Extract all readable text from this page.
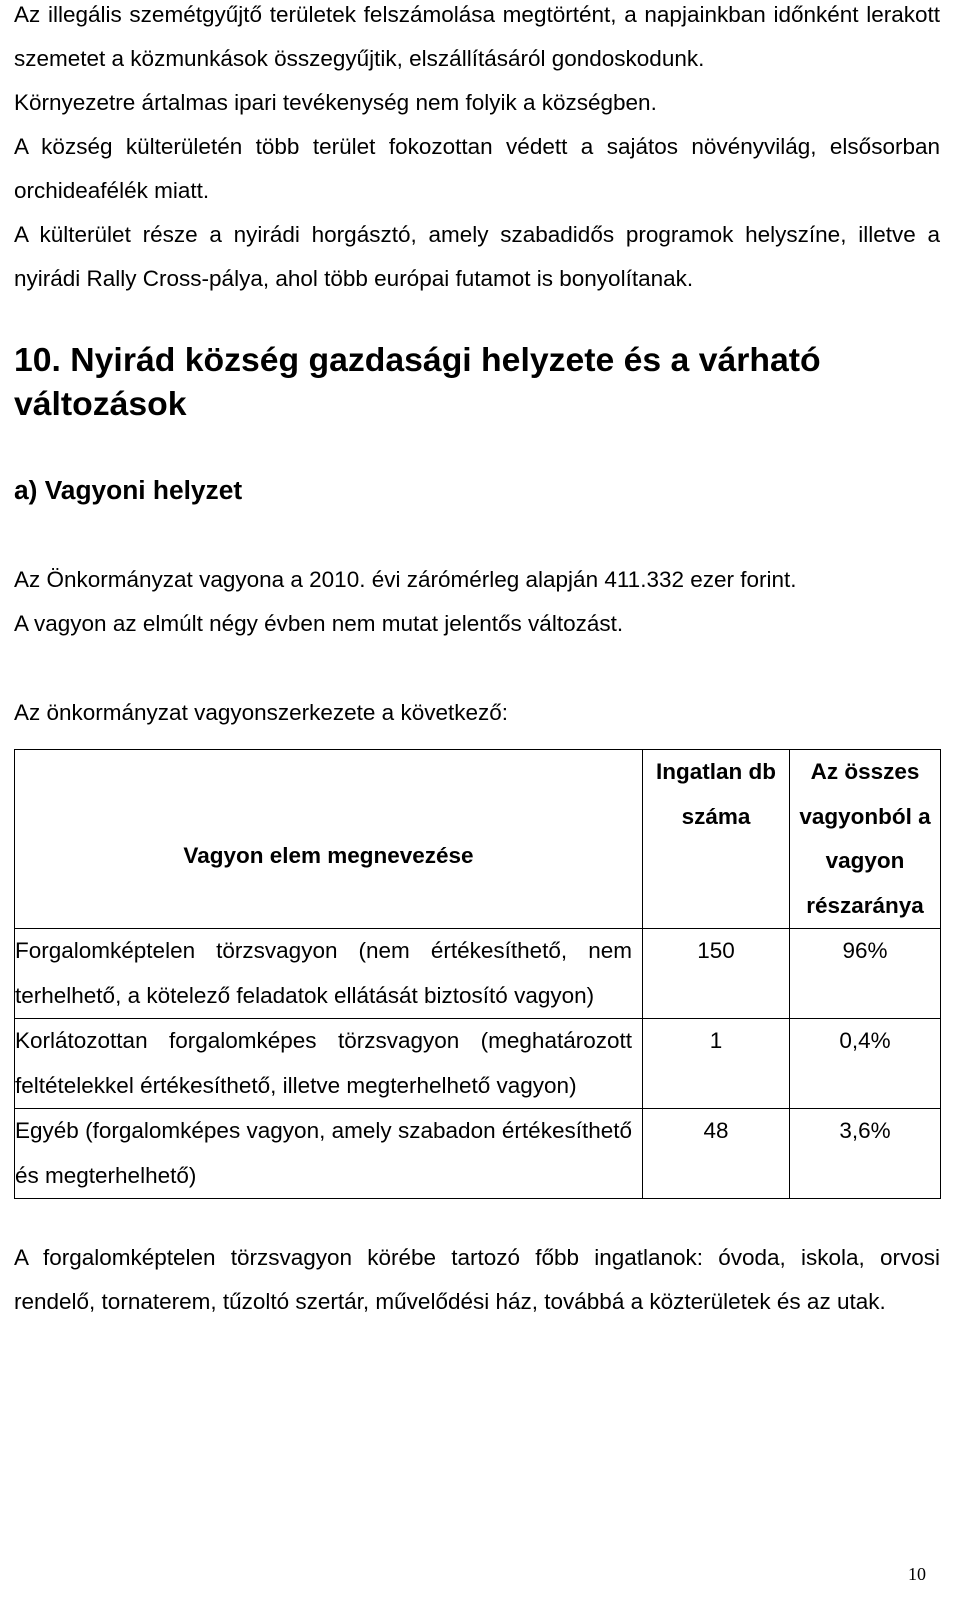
Az illegális szemétgyűjtő területek felszámolása megtörtént, a napjainkban időnként lerakott szemetet a közmunkások összegyűjtik, elszállításáról gondoskodunk.

Környezetre ártalmas ipari tevékenység nem folyik a községben.

A község külterületén több terület fokozottan védett a sajátos növényvilág, elsősorban orchideafélék miatt.

A külterület része a nyirádi horgásztó, amely szabadidős programok helyszíne, illetve a nyirádi Rally Cross-pálya, ahol több európai futamot is bonyolítanak.

10. Nyirád község gazdasági helyzete és a várható változások
a) Vagyoni helyzet

Az Önkormányzat vagyona a 2010. évi zárómérleg alapján 411.332 ezer forint.

A vagyon az elmúlt négy évben nem mutat jelentős változást.

Az önkormányzat vagyonszerkezete a következő:

Vagyon elem megnevezése	Ingatlan db száma	Az összes vagyonból a vagyon részaránya
Forgalomképtelen törzsvagyon (nem értékesíthető, nem terhelhető, a kötelező feladatok ellátását biztosító vagyon)	150	96%
Korlátozottan forgalomképes törzsvagyon (meghatározott feltételekkel értékesíthető, illetve megterhelhető vagyon)	1	0,4%
Egyéb (forgalomképes vagyon, amely szabadon értékesíthető és megterhelhető)	48	3,6%

A forgalomképtelen törzsvagyon körébe tartozó főbb ingatlanok: óvoda, iskola, orvosi rendelő, tornaterem, tűzoltó szertár, művelődési ház, továbbá a közterületek és az utak.

10
